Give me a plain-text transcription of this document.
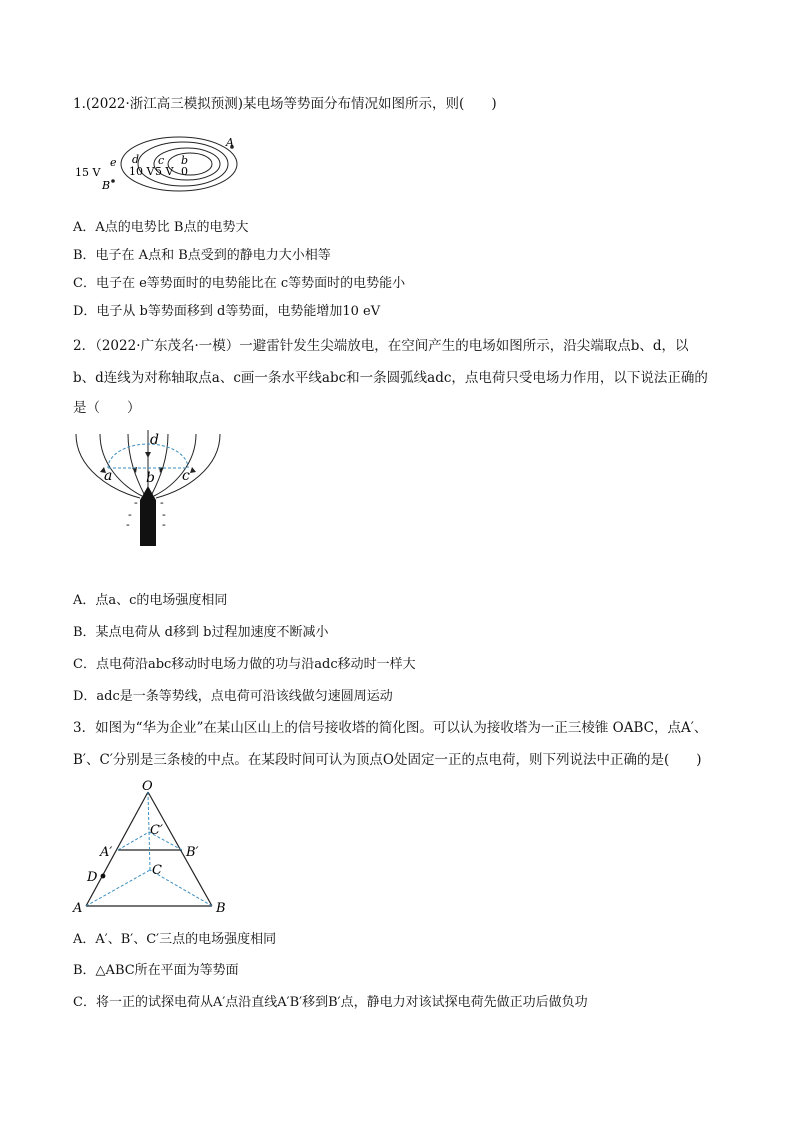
1.(2022·浙江高三模拟预测)某电场等势面分布情况如图所示，则(　　)
A
B
e d c b
15 V	10 V 5 V 0
A．A点的电势比 B点的电势大
B．电子在 A点和 B点受到的静电力大小相等
C．电子在 e等势面时的电势能比在 c等势面时的电势能小
D．电子从 b等势面移到 d等势面，电势能增加10 eV
2．（2022·广东茂名·一模）一避雷针发生尖端放电，在空间产生的电场如图所示，沿尖端取点b、d，以
b、d连线为对称轴取点a、c画一条水平线abc和一条圆弧线adc，点电荷只受电场力作用，以下说法正确的
是（　　）
- -
-	-
-	-
d
a b c
A．点a、c的电场强度相同
B．某点电荷从 d移到 b过程加速度不断减小
C．点电荷沿abc移动时电场力做的功与沿adc移动时一样大
D．adc是一条等势线，点电荷可沿该线做匀速圆周运动
3．如图为“华为企业”在某山区山上的信号接收塔的简化图。可以认为接收塔为一正三棱锥 OABC，点A′、
B′、C′分别是三条棱的中点。在某段时间可认为顶点O处固定一正的点电荷，则下列说法中正确的是(　　)
O
C′
A′	B′
C
D
A	B
A．A′、B′、C′三点的电场强度相同
B．△ABC所在平面为等势面
C．将一正的试探电荷从A′点沿直线A′B′移到B′点，静电力对该试探电荷先做正功后做负功
